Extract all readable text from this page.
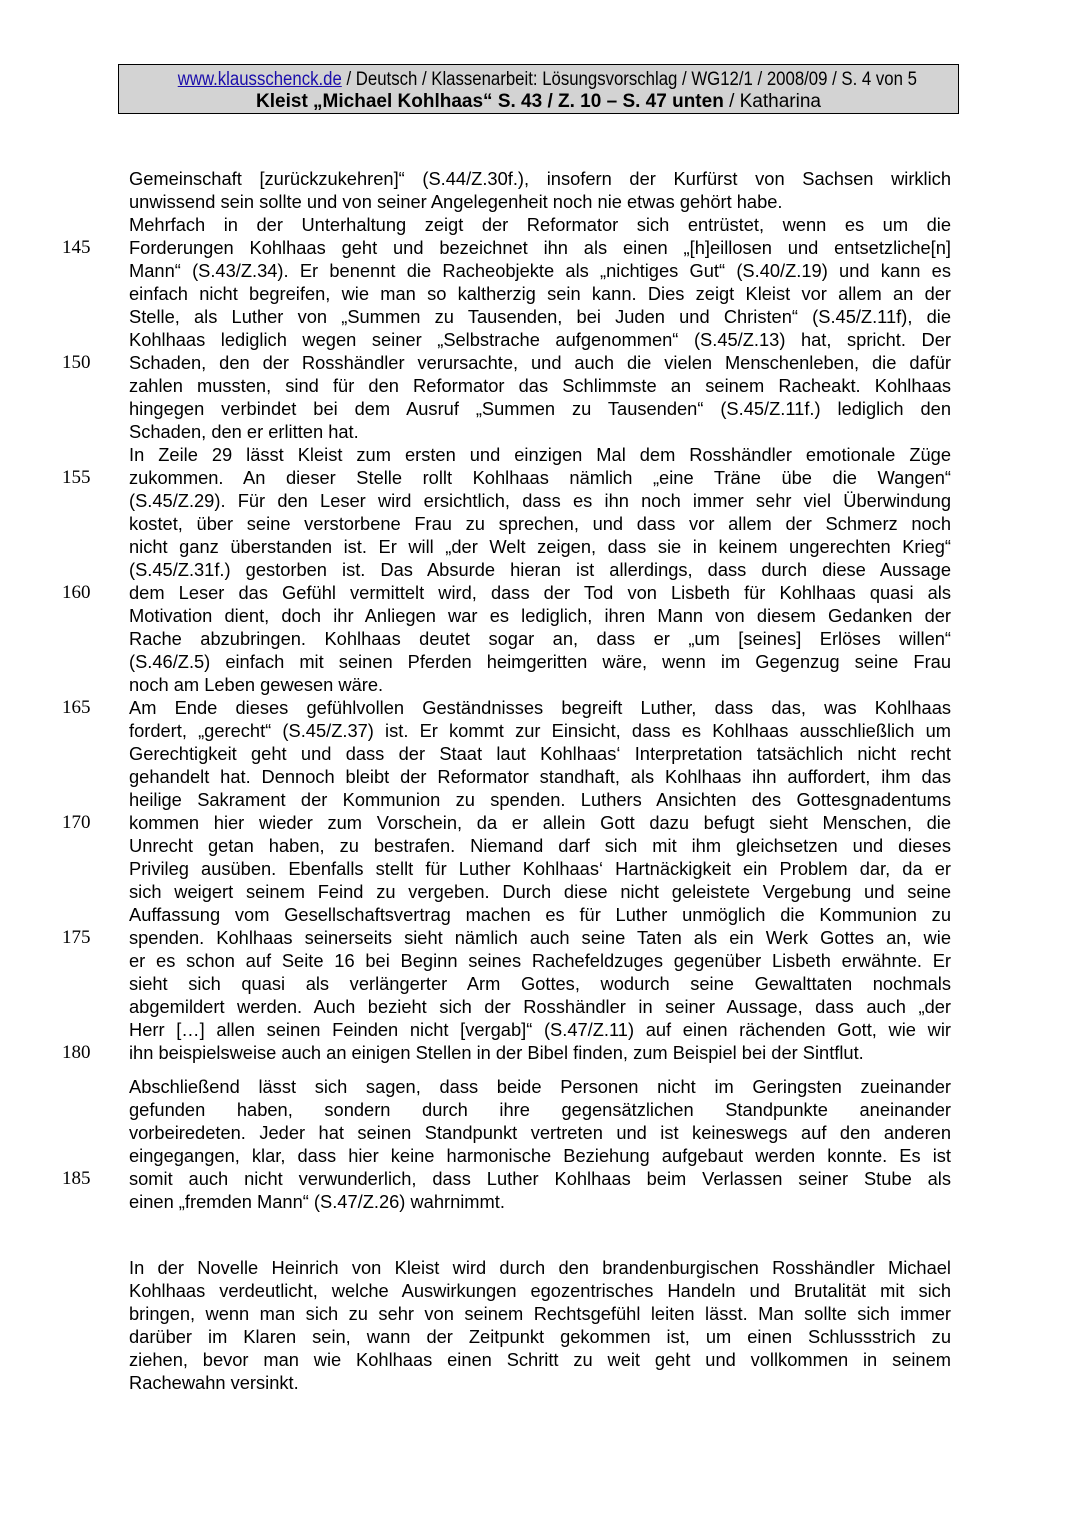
www.klausschenck.de / Deutsch / Klassenarbeit: Lösungsvorschlag / WG12/1 / 2008/09 / S. 4 von 5
Kleist „Michael Kohlhaas“ S. 43 / Z. 10 – S. 47 unten / Katharina
Gemeinschaft [zurückzukehren]“ (S.44/Z.30f.), insofern der Kurfürst von Sachsen wirklich
unwissend sein sollte und von seiner Angelegenheit noch nie etwas gehört habe.
Mehrfach in der Unterhaltung zeigt der Reformator sich entrüstet, wenn es um die
Forderungen Kohlhaas geht und bezeichnet ihn als einen „[h]eillosen und entsetzliche[n]
Mann“ (S.43/Z.34). Er benennt die Racheobjekte als „nichtiges Gut“ (S.40/Z.19) und kann es
einfach nicht begreifen, wie man so kaltherzig sein kann. Dies zeigt Kleist vor allem an der
Stelle, als Luther von „Summen zu Tausenden, bei Juden und Christen“ (S.45/Z.11f), die
Kohlhaas lediglich wegen seiner „Selbstrache aufgenommen“ (S.45/Z.13) hat, spricht. Der
Schaden, den der Rosshändler verursachte, und auch die vielen Menschenleben, die dafür
zahlen mussten, sind für den Reformator das Schlimmste an seinem Racheakt. Kohlhaas
hingegen verbindet bei dem Ausruf „Summen zu Tausenden“ (S.45/Z.11f.) lediglich den
Schaden, den er erlitten hat.
In Zeile 29 lässt Kleist zum ersten und einzigen Mal dem Rosshändler emotionale Züge
zukommen. An dieser Stelle rollt Kohlhaas nämlich „eine Träne übe die Wangen“
(S.45/Z.29). Für den Leser wird ersichtlich, dass es ihn noch immer sehr viel Überwindung
kostet, über seine verstorbene Frau zu sprechen, und dass vor allem der Schmerz noch
nicht ganz überstanden ist. Er will „der Welt zeigen, dass sie in keinem ungerechten Krieg“
(S.45/Z.31f.) gestorben ist. Das Absurde hieran ist allerdings, dass durch diese Aussage
dem Leser das Gefühl vermittelt wird, dass der Tod von Lisbeth für Kohlhaas quasi als
Motivation dient, doch ihr Anliegen war es lediglich, ihren Mann von diesem Gedanken der
Rache abzubringen. Kohlhaas deutet sogar an, dass er „um [seines] Erlöses willen“
(S.46/Z.5) einfach mit seinen Pferden heimgeritten wäre, wenn im Gegenzug seine Frau
noch am Leben gewesen wäre.
Am Ende dieses gefühlvollen Geständnisses begreift Luther, dass das, was Kohlhaas
fordert, „gerecht“ (S.45/Z.37) ist. Er kommt zur Einsicht, dass es Kohlhaas ausschließlich um
Gerechtigkeit geht und dass der Staat laut Kohlhaas‘ Interpretation tatsächlich nicht recht
gehandelt hat. Dennoch bleibt der Reformator standhaft, als Kohlhaas ihn auffordert, ihm das
heilige Sakrament der Kommunion zu spenden. Luthers Ansichten des Gottesgnadentums
kommen hier wieder zum Vorschein, da er allein Gott dazu befugt sieht Menschen, die
Unrecht getan haben, zu bestrafen. Niemand darf sich mit ihm gleichsetzen und dieses
Privileg ausüben. Ebenfalls stellt für Luther Kohlhaas‘ Hartnäckigkeit ein Problem dar, da er
sich weigert seinem Feind zu vergeben. Durch diese nicht geleistete Vergebung und seine
Auffassung vom Gesellschaftsvertrag machen es für Luther unmöglich die Kommunion zu
spenden. Kohlhaas seinerseits sieht nämlich auch seine Taten als ein Werk Gottes an, wie
er es schon auf Seite 16 bei Beginn seines Rachefeldzuges gegenüber Lisbeth erwähnte. Er
sieht sich quasi als verlängerter Arm Gottes, wodurch seine Gewalttaten nochmals
abgemildert werden. Auch bezieht sich der Rosshändler in seiner Aussage, dass auch „der
Herr […] allen seinen Feinden nicht [vergab]“ (S.47/Z.11) auf einen rächenden Gott, wie wir
ihn beispielsweise auch an einigen Stellen in der Bibel finden, zum Beispiel bei der Sintflut.
Abschließend lässt sich sagen, dass beide Personen nicht im Geringsten zueinander
gefunden haben, sondern durch ihre gegensätzlichen Standpunkte aneinander
vorbeiredeten. Jeder hat seinen Standpunkt vertreten und ist keineswegs auf den anderen
eingegangen, klar, dass hier keine harmonische Beziehung aufgebaut werden konnte. Es ist
somit auch nicht verwunderlich, dass Luther Kohlhaas beim Verlassen seiner Stube als
einen „fremden Mann“ (S.47/Z.26) wahrnimmt.
In der Novelle Heinrich von Kleist wird durch den brandenburgischen Rosshändler Michael
Kohlhaas verdeutlicht, welche Auswirkungen egozentrisches Handeln und Brutalität mit sich
bringen, wenn man sich zu sehr von seinem Rechtsgefühl leiten lässt. Man sollte sich immer
darüber im Klaren sein, wann der Zeitpunkt gekommen ist, um einen Schlussstrich zu
ziehen, bevor man wie Kohlhaas einen Schritt zu weit geht und vollkommen in seinem
Rachewahn versinkt.
145
150
155
160
165
170
175
180
185
